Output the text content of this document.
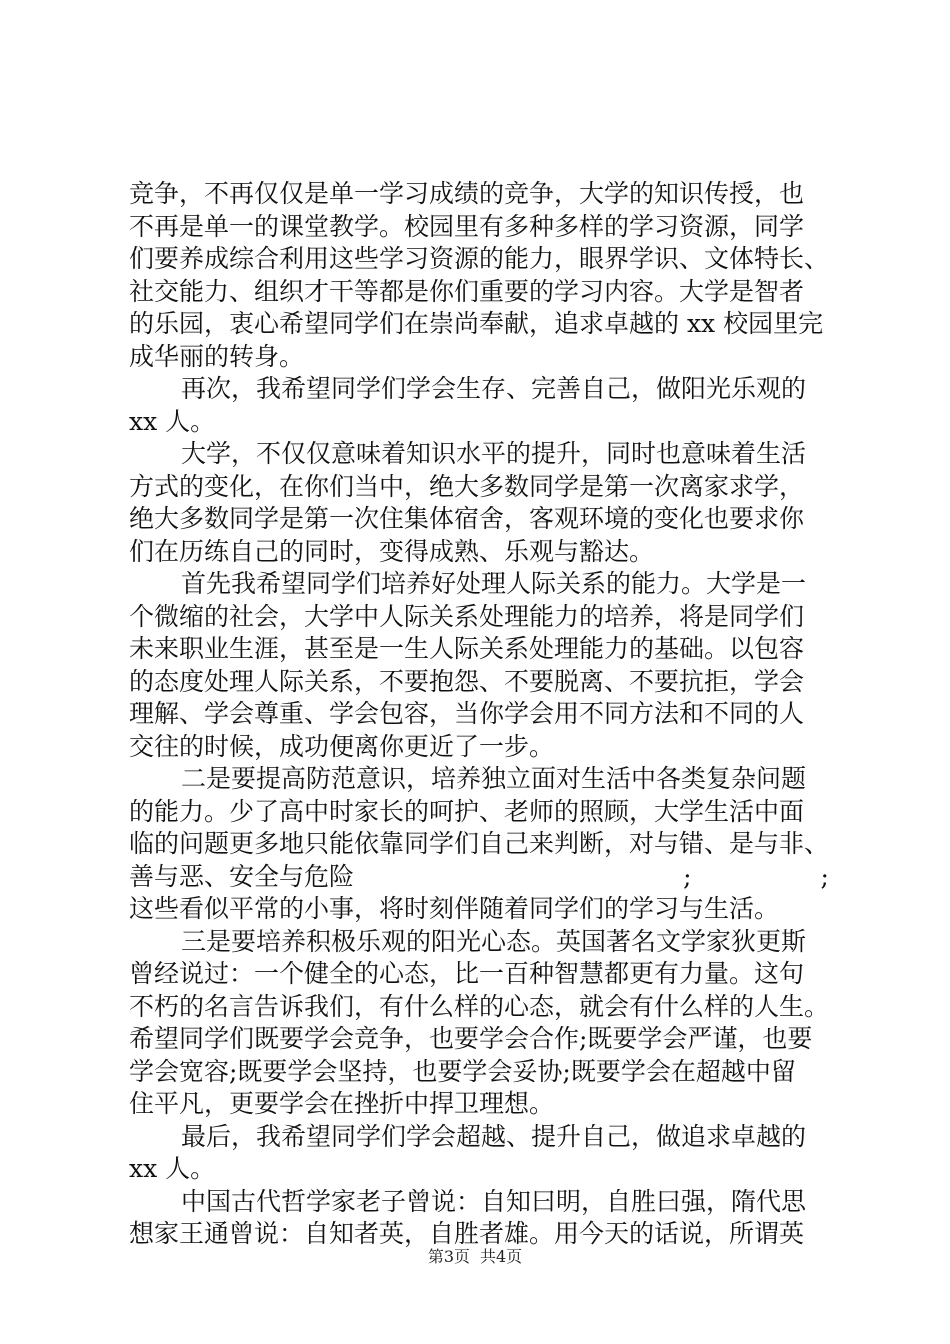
竞争，不再仅仅是单一学习成绩的竞争，大学的知识传授，也
不再是单一的课堂教学。校园里有多种多样的学习资源，同学
们要养成综合利用这些学习资源的能力，眼界学识、文体特长、
社交能力、组织才干等都是你们重要的学习内容。大学是智者
的乐园，衷心希望同学们在崇尚奉献，追求卓越的 xx 校园里完
成华丽的转身。
再次，我希望同学们学会生存、完善自己，做阳光乐观的
xx 人。
大学，不仅仅意味着知识水平的提升，同时也意味着生活
方式的变化，在你们当中，绝大多数同学是第一次离家求学，
绝大多数同学是第一次住集体宿舍，客观环境的变化也要求你
们在历练自己的同时，变得成熟、乐观与豁达。
首先我希望同学们培养好处理人际关系的能力。大学是一
个微缩的社会，大学中人际关系处理能力的培养，将是同学们
未来职业生涯，甚至是一生人际关系处理能力的基础。以包容
的态度处理人际关系，不要抱怨、不要脱离、不要抗拒，学会
理解、学会尊重、学会包容，当你学会用不同方法和不同的人
交往的时候，成功便离你更近了一步。
二是要提高防范意识，培养独立面对生活中各类复杂问题
的能力。少了高中时家长的呵护、老师的照顾，大学生活中面
临的问题更多地只能依靠同学们自己来判断，对与错、是与非、
善与恶、安全与危险	;	;
这些看似平常的小事，将时刻伴随着同学们的学习与生活。
三是要培养积极乐观的阳光心态。英国著名文学家狄更斯
曾经说过：一个健全的心态，比一百种智慧都更有力量。这句
不朽的名言告诉我们，有什么样的心态，就会有什么样的人生。
希望同学们既要学会竞争，也要学会合作;既要学会严谨，也要
学会宽容;既要学会坚持，也要学会妥协;既要学会在超越中留
住平凡，更要学会在挫折中捍卫理想。
最后，我希望同学们学会超越、提升自己，做追求卓越的
xx 人。
中国古代哲学家老子曾说：自知曰明，自胜曰强，隋代思
想家王通曾说：自知者英，自胜者雄。用今天的话说，所谓英
第3页 共4页
